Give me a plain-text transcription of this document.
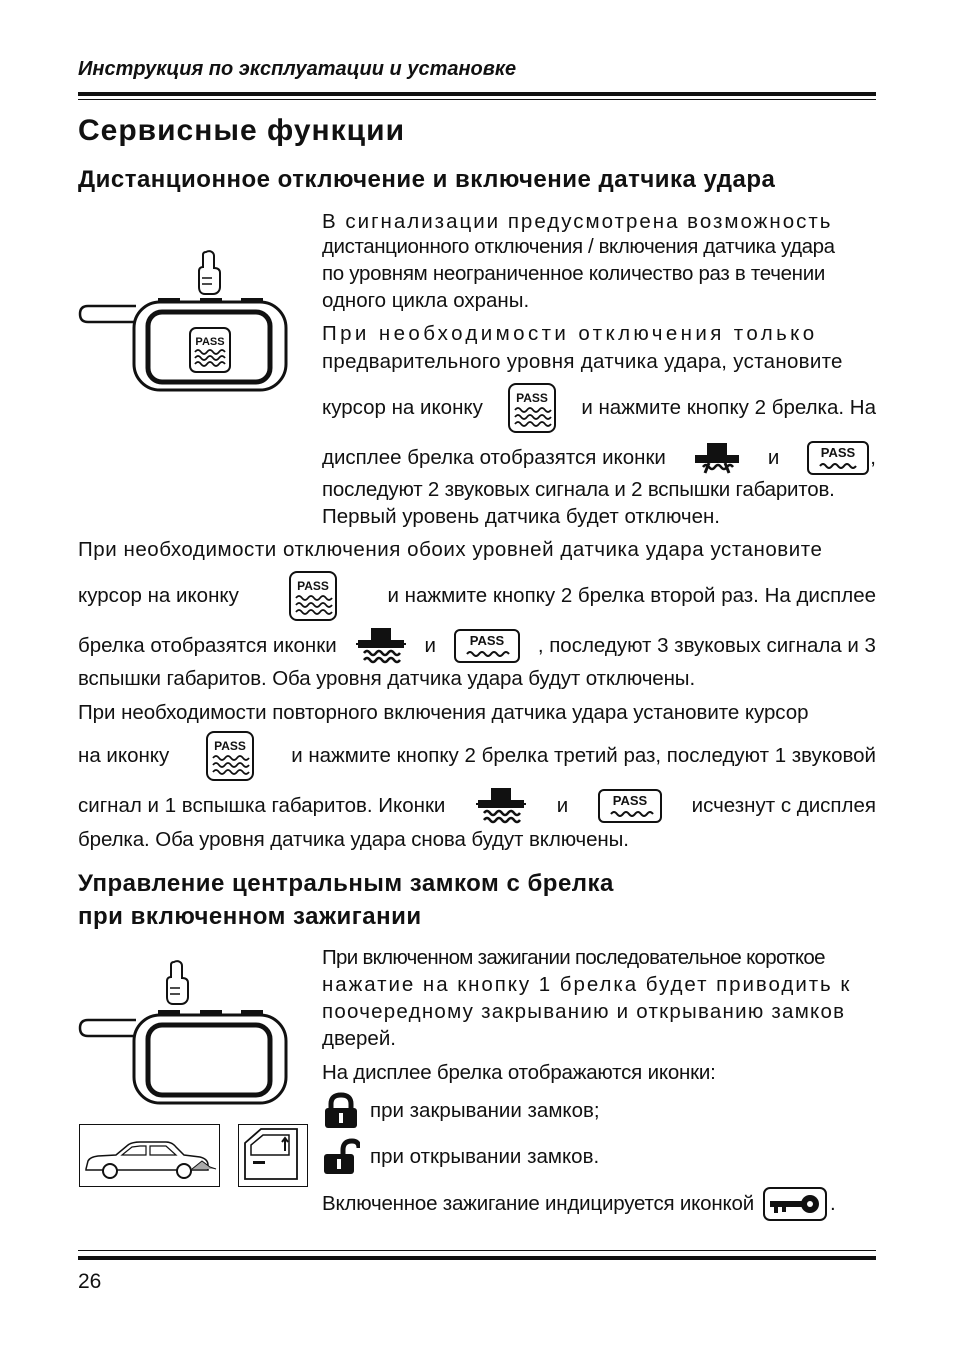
Инструкция по эксплуатации и установке
Сервисные функции
Дистанционное отключение и включение датчика удара
PASS
В сигнализации предусмотрена возможность
дистанционного отключения / включения датчика удара
по уровням неограниченное количество раз в течении
одного цикла охраны.
При необходимости отключения только
предварительного уровня датчика удара, установите
курсор на иконку	PASS и нажмите кнопку 2 брелка. На
дисплее брелка отобразятся иконки	и	PASS ,
последуют 2 звуковых сигнала и 2 вспышки габаритов.
Первый уровень датчика будет отключен.
При необходимости отключения обоих уровней датчика удара установите
курсор на иконку	PASS	и нажмите кнопку 2 брелка второй раз. На дисплее
брелка отобразятся иконки	и	PASS , последуют 3 звуковых сигнала и 3
вспышки габаритов. Оба уровня датчика удара будут отключены.
При необходимости повторного включения датчика удара установите курсор
на иконку	PASS и нажмите кнопку 2 брелка третий раз, последуют 1 звуковой
сигнал и 1 вспышка габаритов. Иконки	и	PASS исчезнут с дисплея
брелка. Оба уровня датчика удара снова будут включены.
Управление центральным замком с брелка
при включенном зажигании
При включенном зажигании последовательное короткое
нажатие на кнопку 1 брелка будет приводить к
поочередному закрыванию и открыванию замков
дверей.
На дисплее брелка отображаются иконки:
при закрывании замков;
при открывании замков.
Включенное зажигание индицируется иконкой	.
26
